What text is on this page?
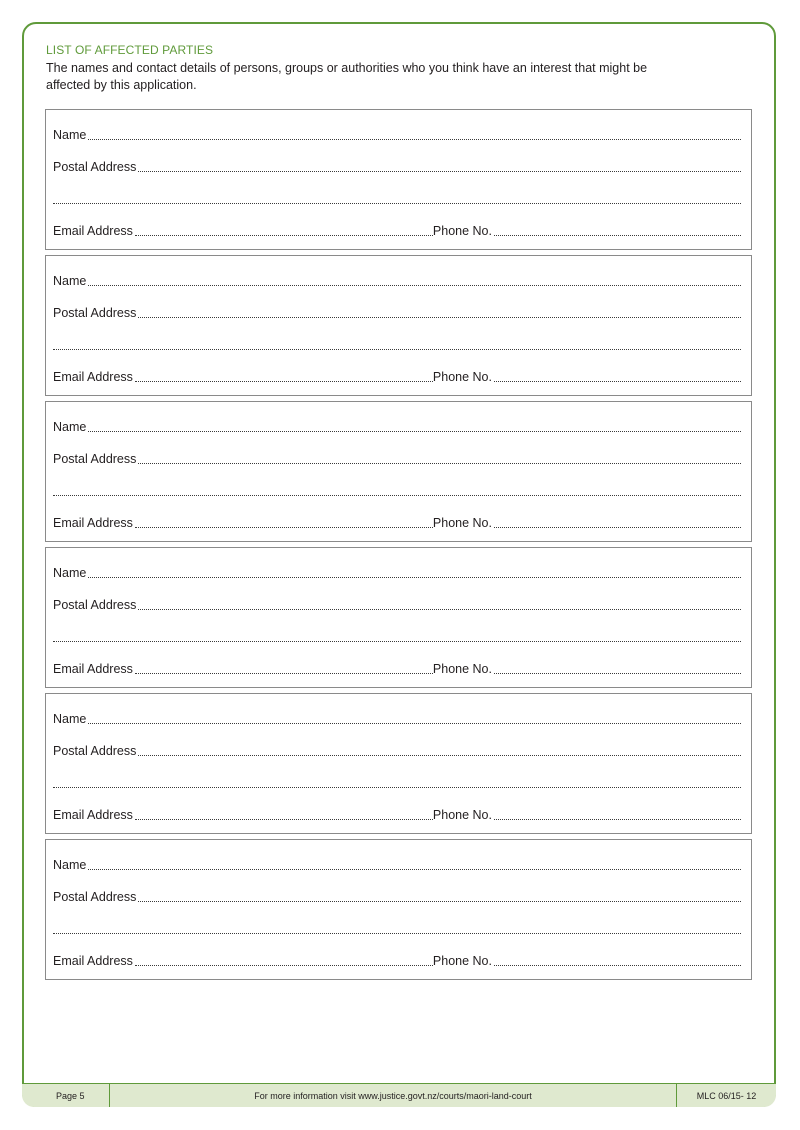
LIST OF AFFECTED PARTIES
The names and contact details of persons, groups or authorities who you think have an interest that might be affected by this application.
Name
Postal Address
Email Address	Phone No.
Name
Postal Address
Email Address	Phone No.
Name
Postal Address
Email Address	Phone No.
Name
Postal Address
Email Address	Phone No.
Name
Postal Address
Email Address	Phone No.
Name
Postal Address
Email Address	Phone No.
Page 5	For more information visit www.justice.govt.nz/courts/maori-land-court	MLC 06/15- 12
